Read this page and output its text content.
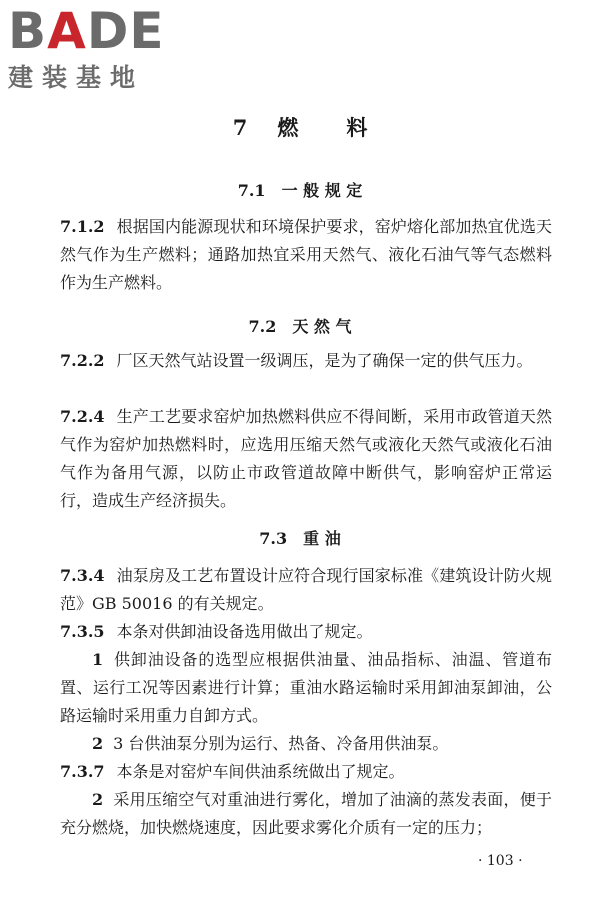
BADE
建装基地
7 燃 料
7.1 一 般 规 定
7.1.2 根据国内能源现状和环境保护要求，窑炉熔化部加热宜优选天然气作为生产燃料；通路加热宜采用天然气、液化石油气等气态燃料作为生产燃料。
7.2 天 然 气
7.2.2 厂区天然气站设置一级调压，是为了确保一定的供气压力。
7.2.4 生产工艺要求窑炉加热燃料供应不得间断，采用市政管道天然气作为窑炉加热燃料时，应选用压缩天然气或液化天然气或液化石油气作为备用气源，以防止市政管道故障中断供气，影响窑炉正常运行，造成生产经济损失。
7.3 重 油
7.3.4 油泵房及工艺布置设计应符合现行国家标准《建筑设计防火规范》GB 50016 的有关规定。
7.3.5 本条对供卸油设备选用做出了规定。
1 供卸油设备的选型应根据供油量、油品指标、油温、管道布置、运行工况等因素进行计算；重油水路运输时采用卸油泵卸油，公路运输时采用重力自卸方式。
2 3 台供油泵分别为运行、热备、冷备用供油泵。
7.3.7 本条是对窑炉车间供油系统做出了规定。
2 采用压缩空气对重油进行雾化，增加了油滴的蒸发表面，便于充分燃烧，加快燃烧速度，因此要求雾化介质有一定的压力；
· 103 ·
